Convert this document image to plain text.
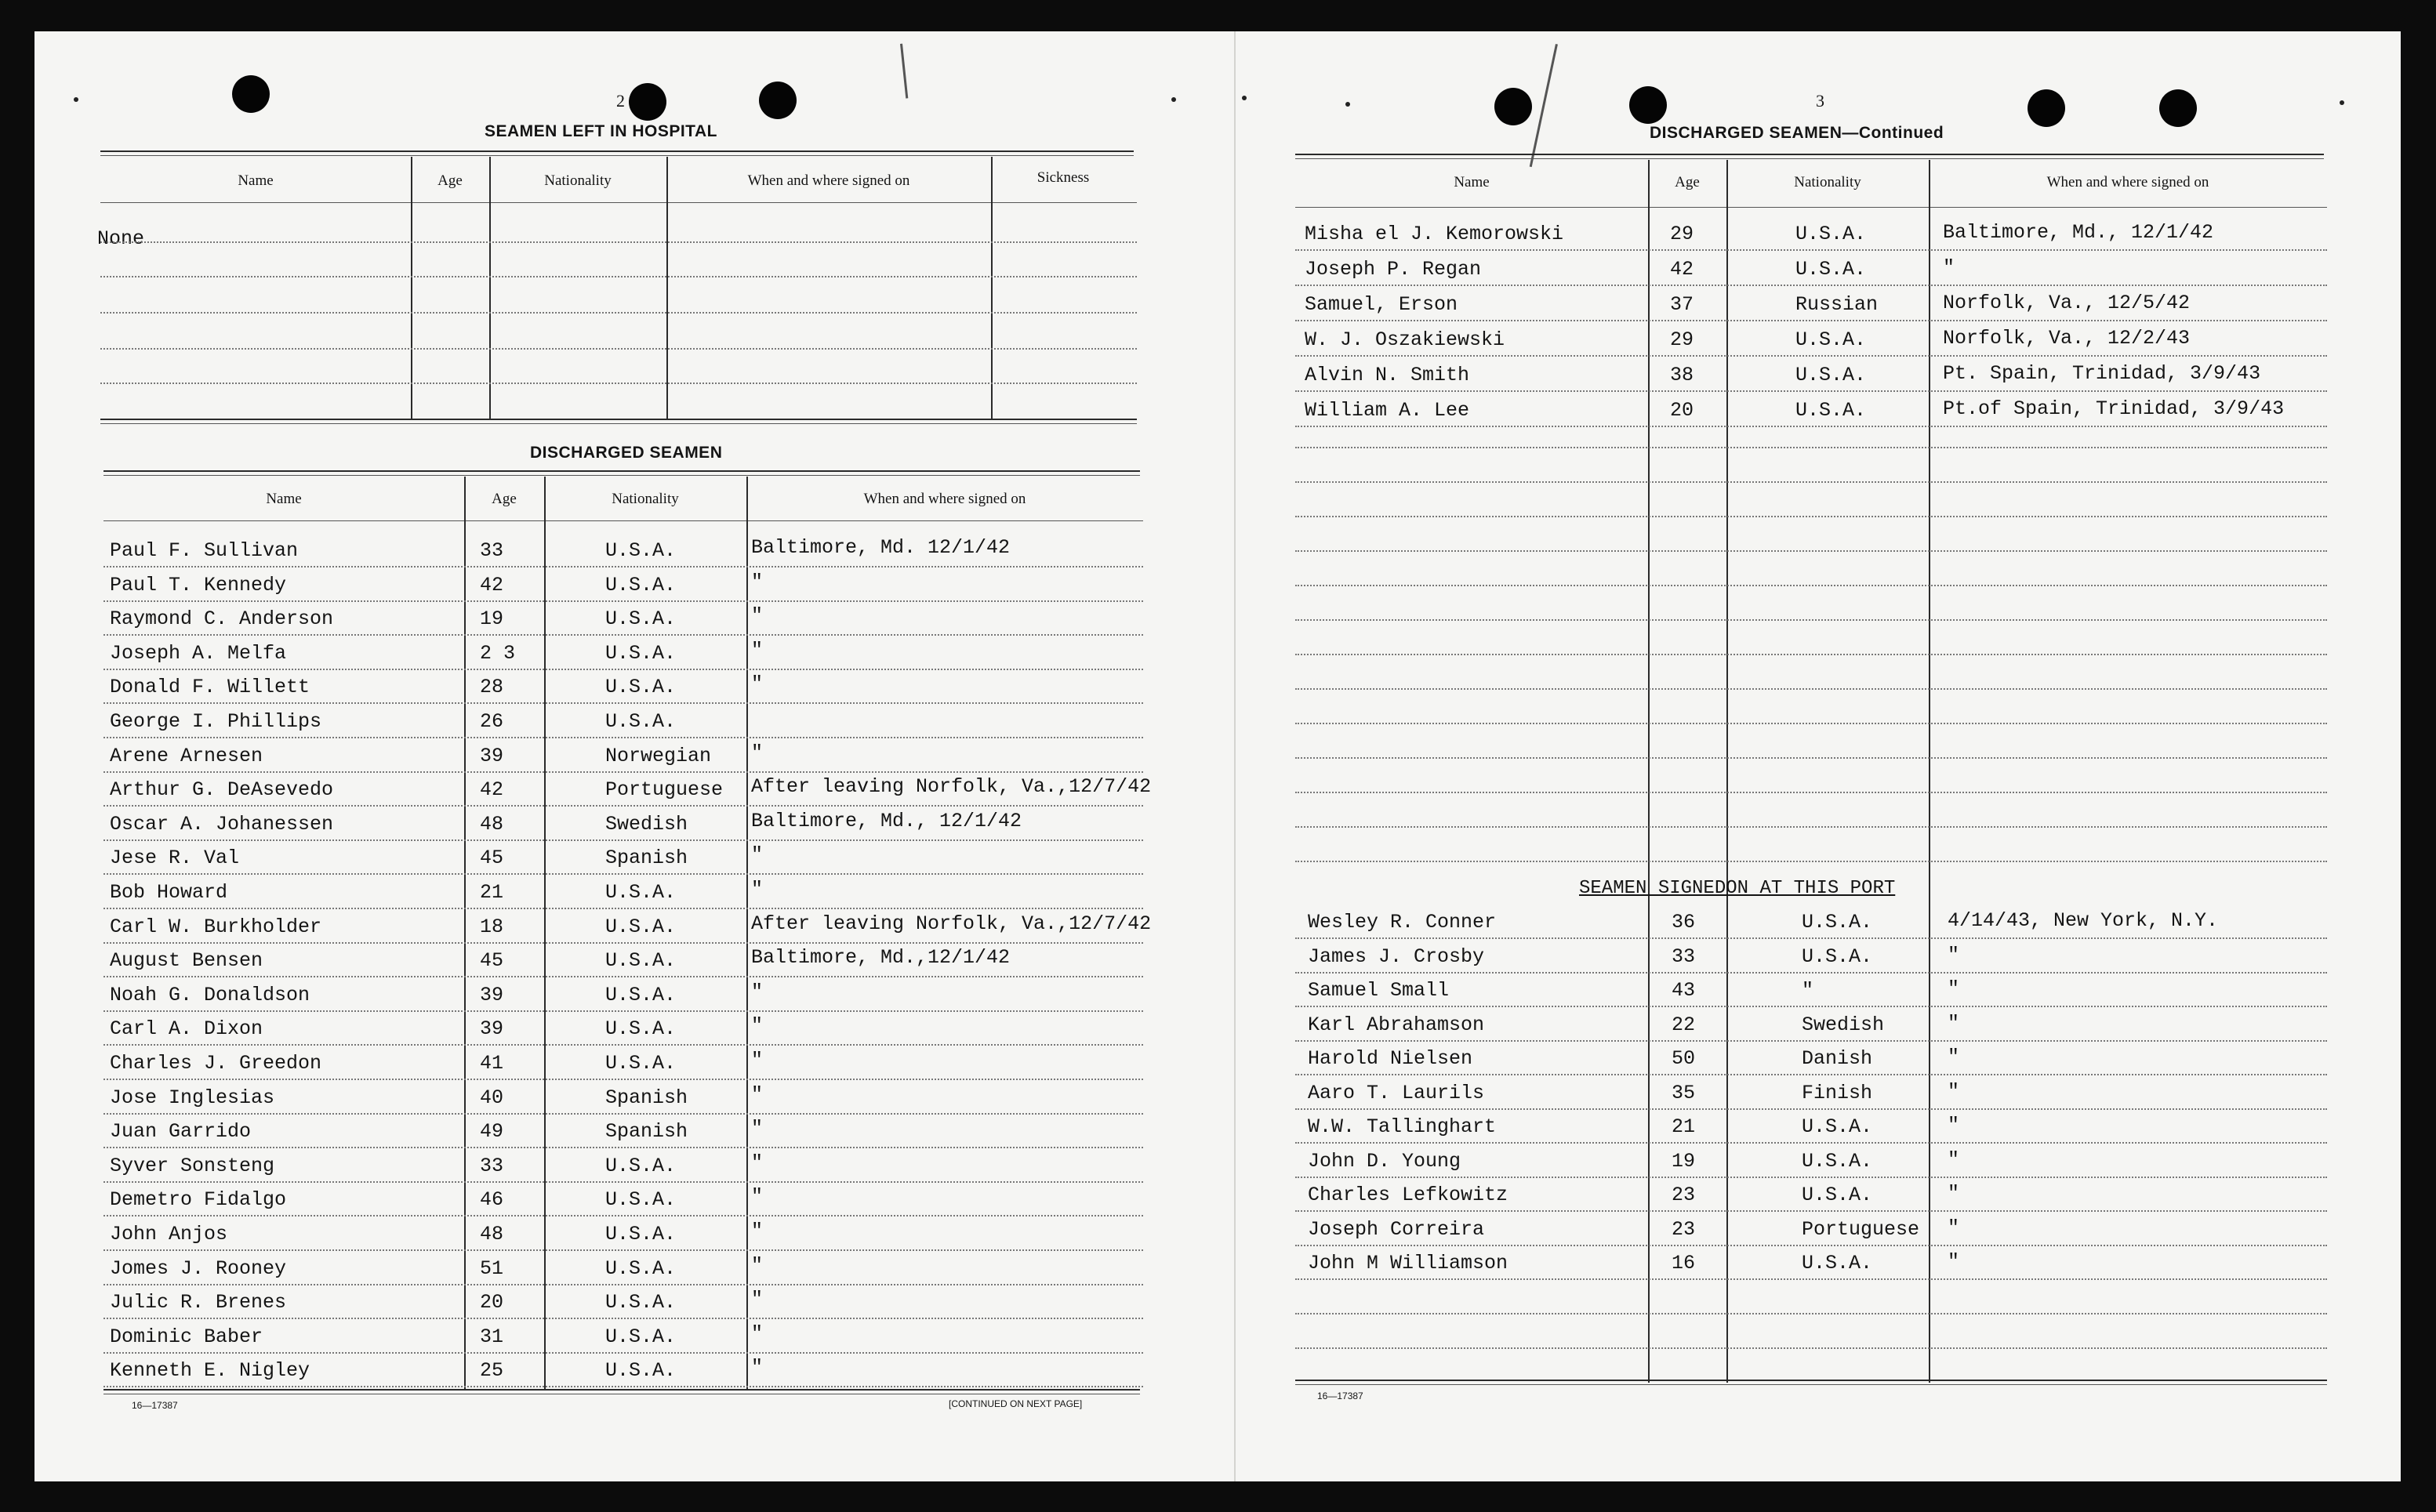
2
SEAMEN LEFT IN HOSPITAL
Name	Age	Nationality	When and where signed on	Sickness
None
DISCHARGED SEAMEN
Name	Age	Nationality	When and where signed on
Paul F. Sullivan	33	U.S.A.	Baltimore, Md. 12/1/42
Paul T. Kennedy	42	U.S.A.	"
Raymond C. Anderson	19	U.S.A.	"
Joseph A. Melfa	2 3	U.S.A.	"
Donald F. Willett	28	U.S.A.	"
George I. Phillips	26	U.S.A.
Arene Arnesen	39	Norwegian "
Arthur G. DeAsevedo	42	Portuguese After leaving Norfolk, Va.,12/7/42
Oscar A. Johanessen	48	Swedish	Baltimore, Md., 12/1/42
Jese R. Val	45	Spanish	"
Bob Howard	21	U.S.A.	"
Carl W. Burkholder	18	U.S.A.	After leaving Norfolk, Va.,12/7/42
August Bensen	45	U.S.A.	Baltimore, Md.,12/1/42
Noah G. Donaldson	39	U.S.A.	"
Carl A. Dixon	39	U.S.A.	"
Charles J. Greedon	41	U.S.A.	"
Jose Inglesias	40	Spanish	"
Juan Garrido	49	Spanish	"
Syver Sonsteng	33	U.S.A.	"
Demetro Fidalgo	46	U.S.A.	"
John Anjos	48	U.S.A.	"
Jomes J. Rooney	51	U.S.A.	"
Julic R. Brenes	20	U.S.A.	"
Dominic Baber	31	U.S.A.	"
Kenneth E. Nigley	25	U.S.A.	"
16—17387	[CONTINUED ON NEXT PAGE]
3
DISCHARGED SEAMEN—Continued
Name	Age	Nationality	When and where signed on
Misha el J. Kemorowski	29	U.S.A.	Baltimore, Md., 12/1/42
Joseph P. Regan	42	U.S.A.	"
Samuel, Erson	37	Russian	Norfolk, Va., 12/5/42
W. J. Oszakiewski	29	U.S.A.	Norfolk, Va., 12/2/43
Alvin N. Smith	38	U.S.A.	Pt. Spain, Trinidad, 3/9/43
William A. Lee	20	U.S.A.	Pt.of Spain, Trinidad, 3/9/43
SEAMEN SIGNEDON AT THIS PORT
Wesley R. Conner	36	U.S.A.	4/14/43, New York, N.Y.
James J. Crosby	33	U.S.A.	"
Samuel Small	43	"	"
Karl Abrahamson	22	Swedish	"
Harold Nielsen	50	Danish	"
Aaro T. Laurils	35	Finish	"
W.W. Tallinghart	21	U.S.A.	"
John D. Young	19	U.S.A.	"
Charles Lefkowitz	23	U.S.A.	"
Joseph Correira	23	Portuguese "
John M Williamson	16	U.S.A.	"
16—17387
